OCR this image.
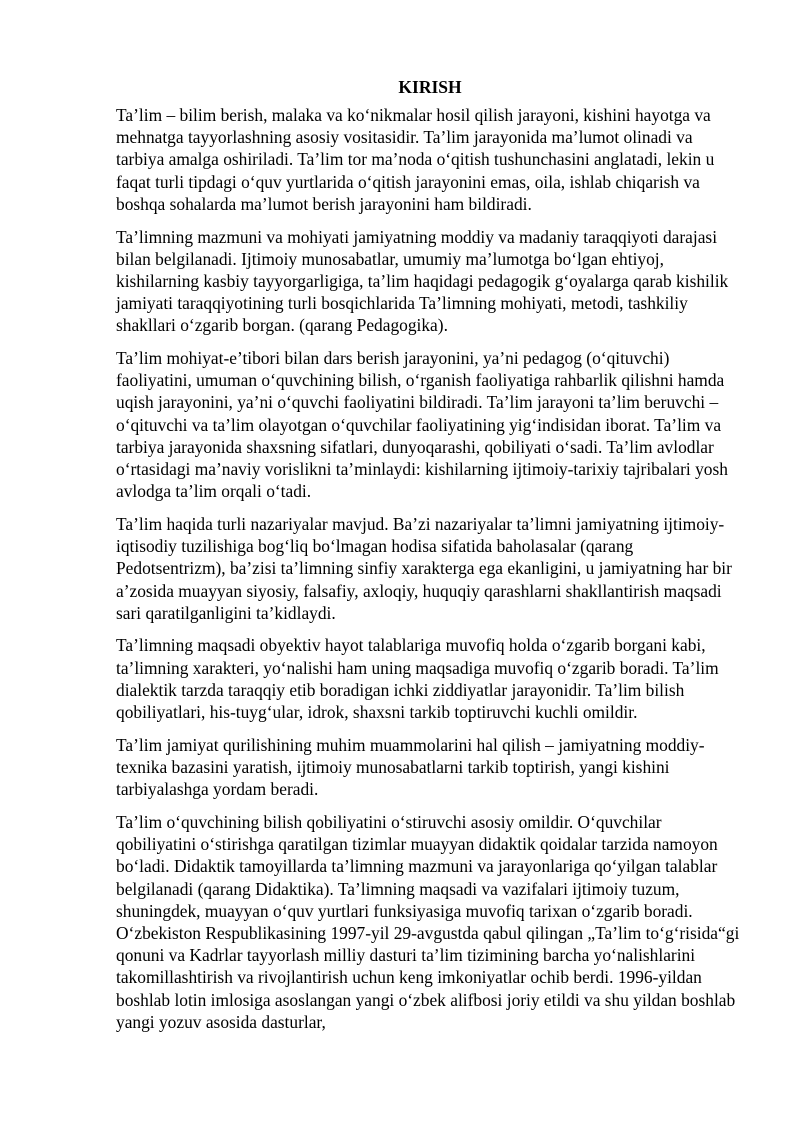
KIRISH

Ta’lim – bilim berish, malaka va ko‘nikmalar hosil qilish jarayoni, kishini hayotga va mehnatga tayyorlashning asosiy vositasidir. Ta’lim jarayonida ma’lumot olinadi va tarbiya amalga oshiriladi. Ta’lim tor ma’noda o‘qitish tushunchasini anglatadi, lekin u faqat turli tipdagi o‘quv yurtlarida o‘qitish jarayonini emas, oila, ishlab chiqarish va boshqa sohalarda ma’lumot berish jarayonini ham bildiradi.

Ta’limning mazmuni va mohiyati jamiyatning moddiy va madaniy taraqqiyoti darajasi bilan belgilanadi. Ijtimoiy munosabatlar, umumiy ma’lumotga bo‘lgan ehtiyoj, kishilarning kasbiy tayyorgarligiga, ta’lim haqidagi pedagogik g‘oyalarga qarab kishilik jamiyati taraqqiyotining turli bosqichlarida Ta’limning mohiyati, metodi, tashkiliy shakllari o‘zgarib borgan. (qarang Pedagogika).

Ta’lim mohiyat-e’tibori bilan dars berish jarayonini, ya’ni pedagog (o‘qituvchi) faoliyatini, umuman o‘quvchining bilish, o‘rganish faoliyatiga rahbarlik qilishni hamda uqish jarayonini, ya’ni o‘quvchi faoliyatini bildiradi. Ta’lim jarayoni ta’lim beruvchi – o‘qituvchi va ta’lim olayotgan o‘quvchilar faoliyatining yig‘indisidan iborat. Ta’lim va tarbiya jarayonida shaxsning sifatlari, dunyoqarashi, qobiliyati o‘sadi. Ta’lim avlodlar o‘rtasidagi ma’naviy vorislikni ta’minlaydi: kishilarning ijtimoiy-tarixiy tajribalari yosh avlodga ta’lim orqali o‘tadi.

Ta’lim haqida turli nazariyalar mavjud. Ba’zi nazariyalar ta’limni jamiyatning ijtimoiy-iqtisodiy tuzilishiga bog‘liq bo‘lmagan hodisa sifatida baholasalar (qarang Pedotsentrizm), ba’zisi ta’limning sinfiy xarakterga ega ekanligini, u jamiyatning har bir a’zosida muayyan siyosiy, falsafiy, axloqiy, huquqiy qarashlarni shakllantirish maqsadi sari qaratilganligini ta’kidlaydi.

Ta’limning maqsadi obyektiv hayot talablariga muvofiq holda o‘zgarib borgani kabi, ta’limning xarakteri, yo‘nalishi ham uning maqsadiga muvofiq o‘zgarib boradi. Ta’lim dialektik tarzda taraqqiy etib boradigan ichki ziddiyatlar jarayonidir. Ta’lim bilish qobiliyatlari, his-tuyg‘ular, idrok, shaxsni tarkib toptiruvchi kuchli omildir.

Ta’lim jamiyat qurilishining muhim muammolarini hal qilish – jamiyatning moddiy-texnika bazasini yaratish, ijtimoiy munosabatlarni tarkib toptirish, yangi kishini tarbiyalashga yordam beradi.

Ta’lim o‘quvchining bilish qobiliyatini o‘stiruvchi asosiy omildir. O‘quvchilar qobiliyatini o‘stirishga qaratilgan tizimlar muayyan didaktik qoidalar tarzida namoyon bo‘ladi. Didaktik tamoyillarda ta’limning mazmuni va jarayonlariga qo‘yilgan talablar belgilanadi (qarang Didaktika). Ta’limning maqsadi va vazifalari ijtimoiy tuzum, shuningdek, muayyan o‘quv yurtlari funksiyasiga muvofiq tarixan o‘zgarib boradi. O‘zbekiston Respublikasining 1997-yil 29-avgustda qabul qilingan „Ta’lim to‘g‘risida“gi qonuni va Kadrlar tayyorlash milliy dasturi ta’lim tizimining barcha yo‘nalishlarini takomillashtirish va rivojlantirish uchun keng imkoniyatlar ochib berdi. 1996-yildan boshlab lotin imlosiga asoslangan yangi o‘zbek alifbosi joriy etildi va shu yildan boshlab yangi yozuv asosida dasturlar,
